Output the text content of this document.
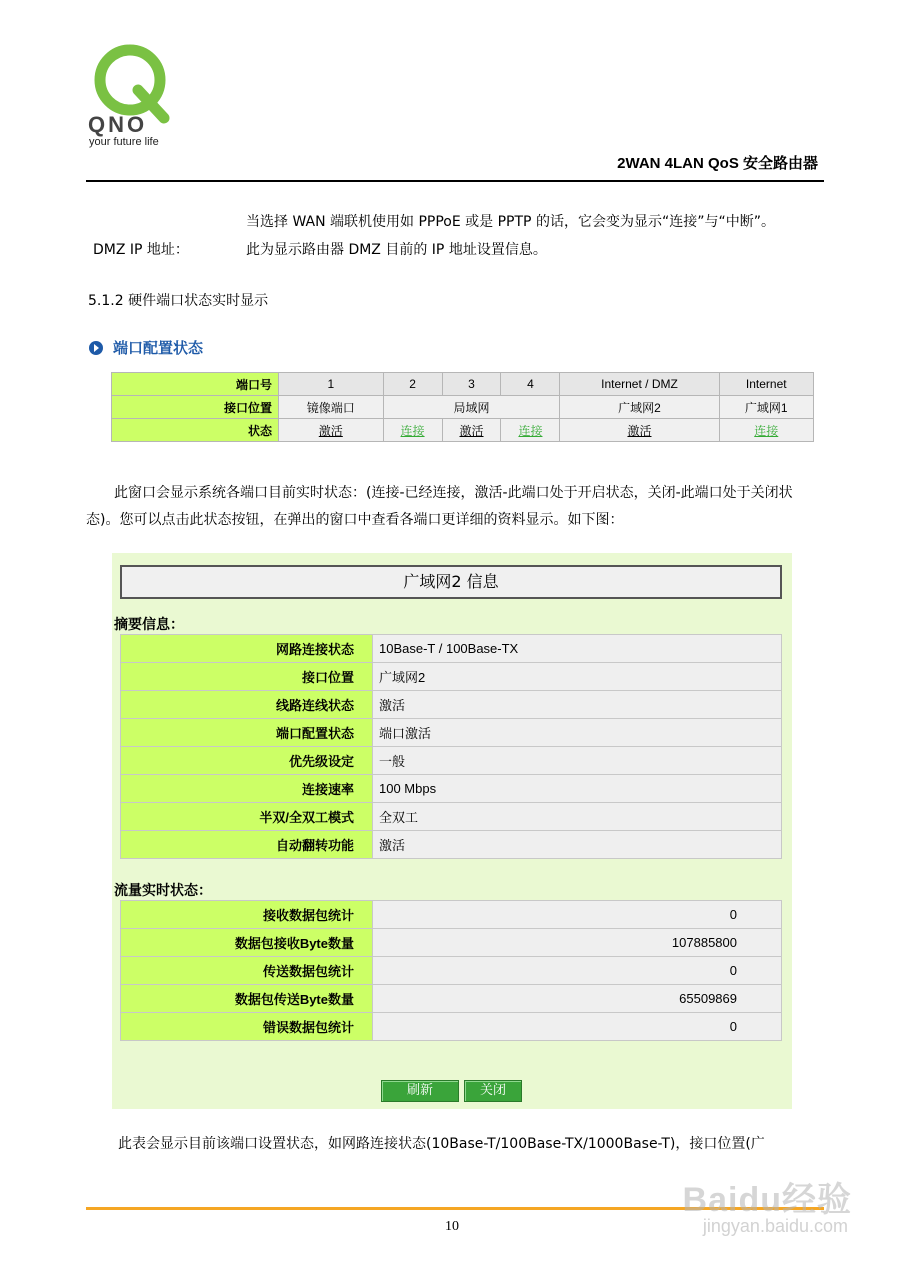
QNO
your future life
2WAN 4LAN QoS 安全路由器
当选择 WAN 端联机使用如 PPPoE 或是 PPTP 的话，它会变为显示“连接”与“中断”。
DMZ IP 地址：	此为显示路由器 DMZ 目前的 IP 地址设置信息。
5.1.2 硬件端口状态实时显示
端口配置状态
端口号	1	2	3	4	Internet / DMZ	Internet
接口位置	镜像端口	局域网			广域网2	广域网1
状态	激活	连接	激活	连接	激活	连接
此窗口会显示系统各端口目前实时状态：(连接-已经连接，激活-此端口处于开启状态，关闭-此端口处于关闭状态)。您可以点击此状态按钮，在弹出的窗口中查看各端口更详细的资料显示。如下图：
广域网2 信息
摘要信息：
网路连接状态	10Base-T / 100Base-TX
接口位置	广域网2
线路连线状态	激活
端口配置状态	端口激活
优先级设定	一般
连接速率	100 Mbps
半双/全双工模式	全双工
自动翻转功能	激活
流量实时状态：
接收数据包统计	0
数据包接收Byte数量	107885800
传送数据包统计	0
数据包传送Byte数量	65509869
错误数据包统计	0
刷新	关闭
此表会显示目前该端口设置状态，如网路连接状态(10Base-T/100Base-TX/1000Base-T)，接口位置(广
10
Baidu经验
jingyan.baidu.com
